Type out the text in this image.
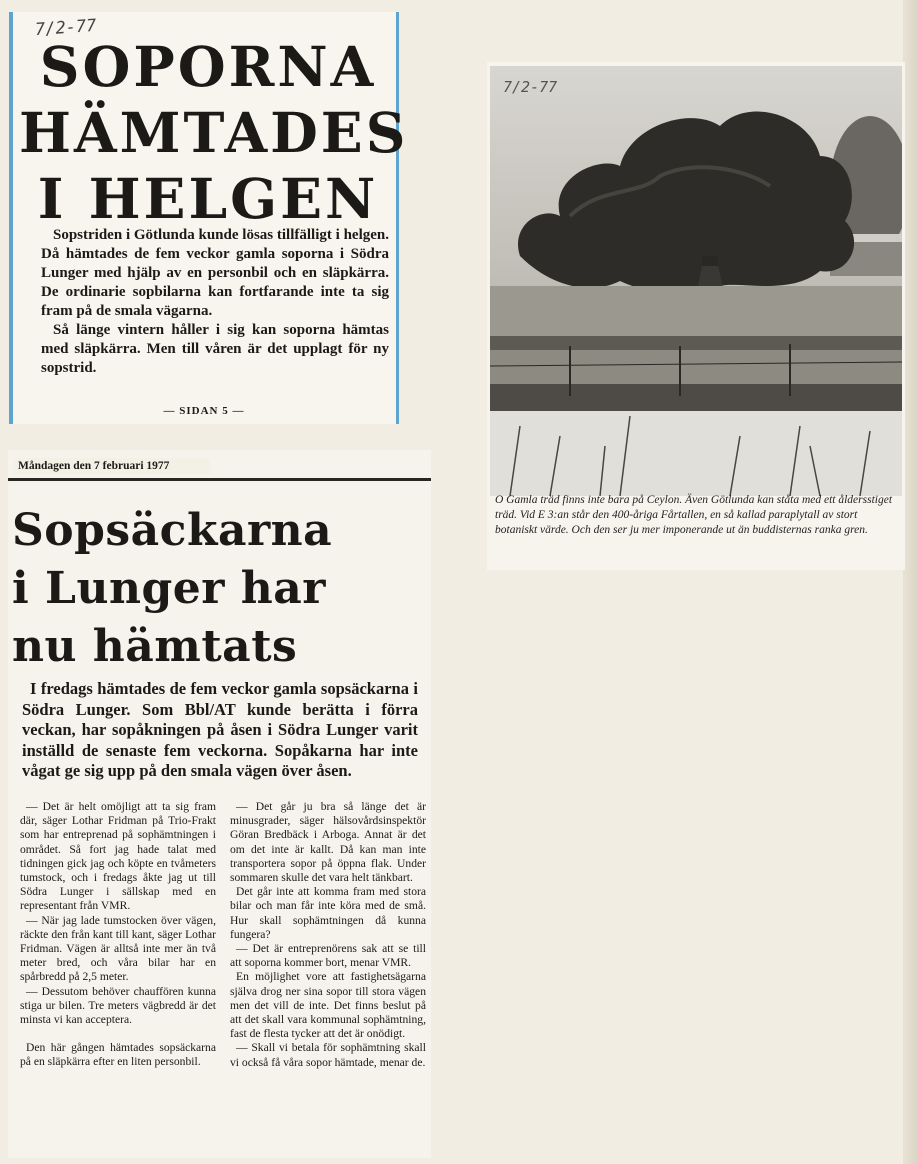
7/2-77
SOPORNA
HÄMTADES
I HELGEN

Sopstriden i Götlunda kunde lösas tillfälligt i helgen. Då hämtades de fem veckor gamla soporna i Södra Lunger med hjälp av en personbil och en släpkärra. De ordinarie sopbilarna kan fortfarande inte ta sig fram på de smala vägarna.

Så länge vintern håller i sig kan soporna hämtas med släpkärra. Men till våren är det upplagt för ny sopstrid.

— SIDAN 5 —
7/2-77

O Gamla träd finns inte bara på Ceylon. Även Götlunda kan ståta med ett åldersstiget träd. Vid E 3:an står den 400-åriga Fårtallen, en så kallad paraplytall av stort botaniskt värde. Och den ser ju mer imponerande ut än buddisternas ranka gren.

Måndagen den 7 februari 1977
Sopsäckarna
i Lunger har
nu hämtats

I fredags hämtades de fem veckor gamla sopsäckarna i Södra Lunger. Som Bbl/AT kunde berätta i förra veckan, har sopåkningen på åsen i Södra Lunger varit inställd de senaste fem veckorna. Sopåkarna har inte vågat ge sig upp på den smala vägen över åsen.

— Det är helt omöjligt att ta sig fram där, säger Lothar Fridman på Trio-Frakt som har entreprenad på sophämtningen i området. Så fort jag hade talat med tidningen gick jag och köpte en tvåmeters tumstock, och i fredags åkte jag ut till Södra Lunger i sällskap med en representant från VMR.

— När jag lade tumstocken över vägen, räckte den från kant till kant, säger Lothar Fridman. Vägen är alltså inte mer än två meter bred, och våra bilar har en spårbredd på 2,5 meter.

— Dessutom behöver chauffören kunna stiga ur bilen. Tre meters vägbredd är det minsta vi kan acceptera.

Den här gången hämtades sopsäckarna på en släpkärra efter en liten personbil.

— Det går ju bra så länge det är minusgrader, säger hälsovårdsinspektör Göran Bredbäck i Arboga. Annat är det om det inte är kallt. Då kan man inte transportera sopor på öppna flak. Under sommaren skulle det vara helt tänkbart.

Det går inte att komma fram med stora bilar och man får inte köra med de små. Hur skall sophämtningen då kunna fungera?

— Det är entreprenörens sak att se till att soporna kommer bort, menar VMR.

En möjlighet vore att fastighetsägarna själva drog ner sina sopor till stora vägen men det vill de inte. Det finns beslut på att det skall vara kommunal sophämtning, fast de flesta tycker att det är onödigt.

— Skall vi betala för sophämtning skall vi också få våra sopor hämtade, menar de.
